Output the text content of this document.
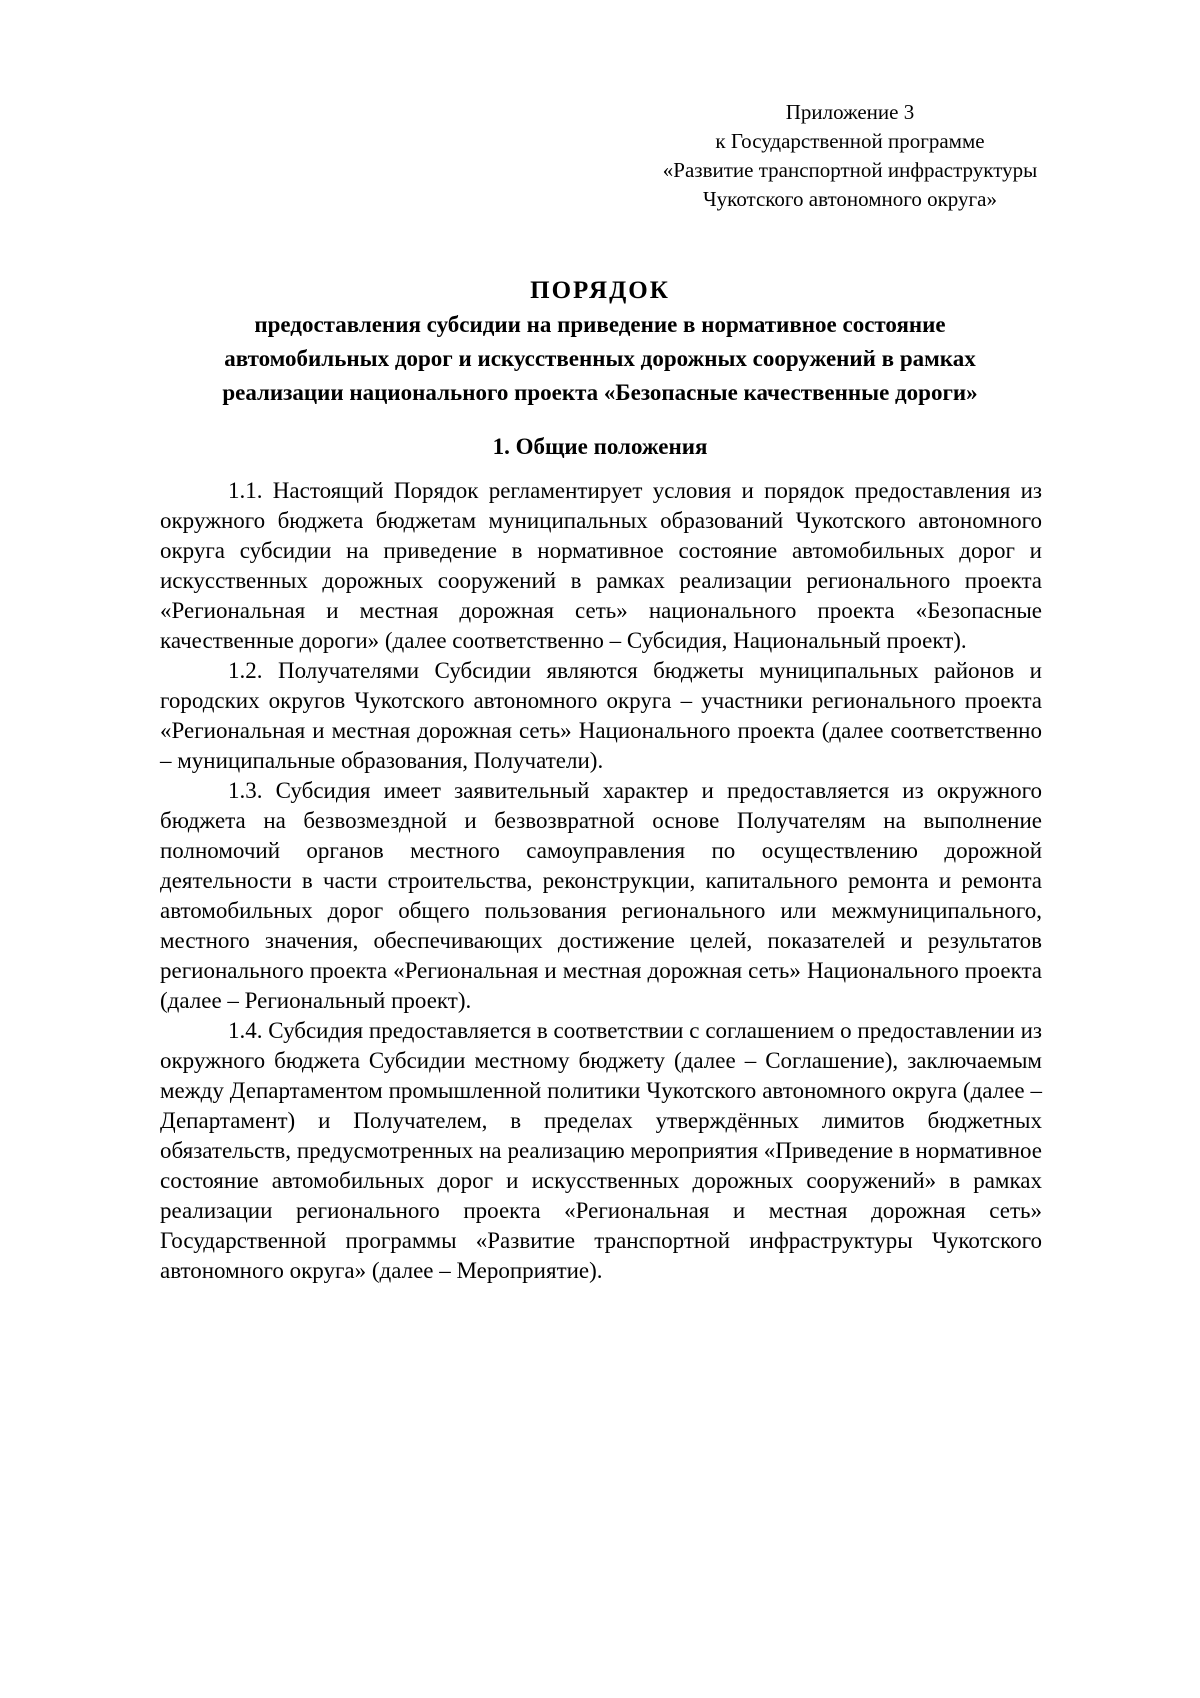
Приложение 3
к Государственной программе
«Развитие транспортной инфраструктуры
Чукотского автономного округа»
ПОРЯДОК
предоставления субсидии на приведение в нормативное состояние
автомобильных дорог и искусственных дорожных сооружений в рамках
реализации национального проекта «Безопасные качественные дороги»
1. Общие положения

1.1. Настоящий Порядок регламентирует условия и порядок предоставления из окружного бюджета бюджетам муниципальных образований Чукотского автономного округа субсидии на приведение в нормативное состояние автомобильных дорог и искусственных дорожных сооружений в рамках реализации регионального проекта «Региональная и местная дорожная сеть» национального проекта «Безопасные качественные дороги» (далее соответственно – Субсидия, Национальный проект).

1.2. Получателями Субсидии являются бюджеты муниципальных районов и городских округов Чукотского автономного округа – участники регионального проекта «Региональная и местная дорожная сеть» Национального проекта (далее соответственно – муниципальные образования, Получатели).

1.3. Субсидия имеет заявительный характер и предоставляется из окружного бюджета на безвозмездной и безвозвратной основе Получателям на выполнение полномочий органов местного самоуправления по осуществлению дорожной деятельности в части строительства, реконструкции, капитального ремонта и ремонта автомобильных дорог общего пользования регионального или межмуниципального, местного значения, обеспечивающих достижение целей, показателей и результатов регионального проекта «Региональная и местная дорожная сеть» Национального проекта (далее – Региональный проект).

1.4. Субсидия предоставляется в соответствии с соглашением о предоставлении из окружного бюджета Субсидии местному бюджету (далее – Соглашение), заключаемым между Департаментом промышленной политики Чукотского автономного округа (далее – Департамент) и Получателем, в пределах утверждённых лимитов бюджетных обязательств, предусмотренных на реализацию мероприятия «Приведение в нормативное состояние автомобильных дорог и искусственных дорожных сооружений» в рамках реализации регионального проекта «Региональная и местная дорожная сеть» Государственной программы «Развитие транспортной инфраструктуры Чукотского автономного округа» (далее – Мероприятие).
